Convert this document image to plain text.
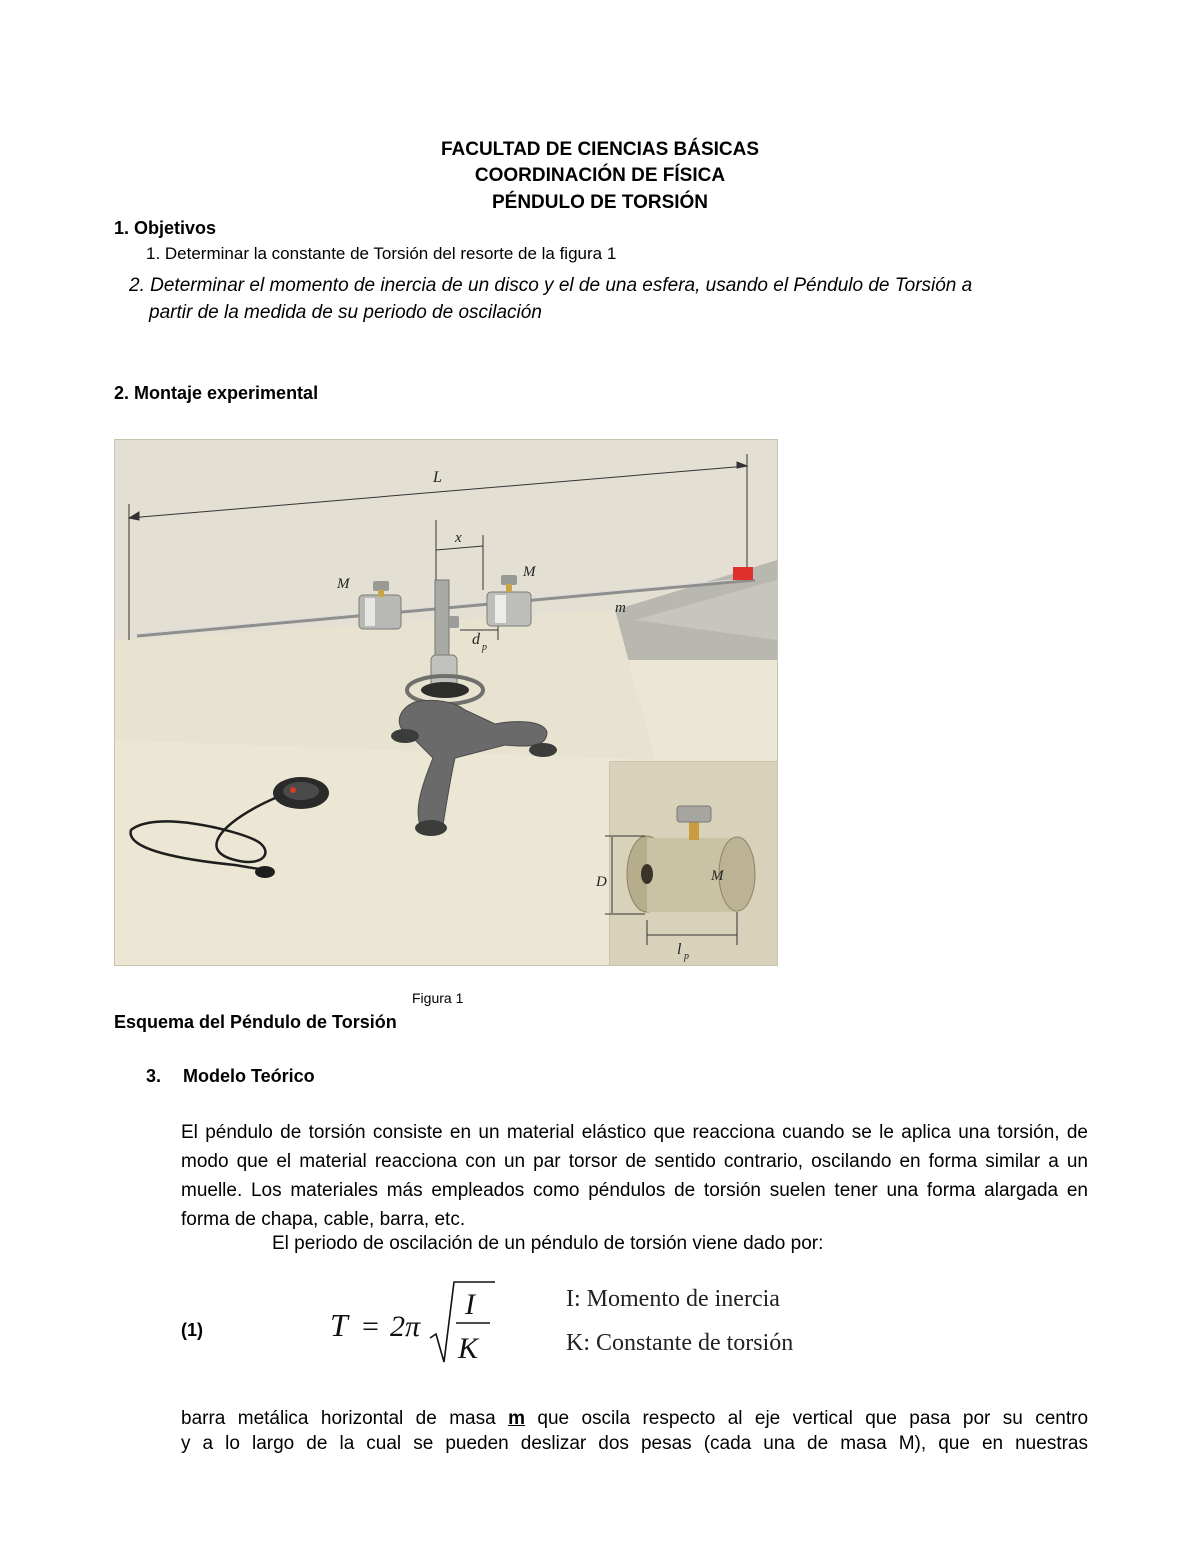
FACULTAD DE CIENCIAS BÁSICAS
COORDINACIÓN DE FÍSICA
PÉNDULO DE TORSIÓN
1. Objetivos
1. Determinar la constante de Torsión del resorte de la figura 1
2. Determinar el momento de inercia de un disco y el de una esfera, usando el Péndulo de Torsión a
partir de la medida de su periodo de oscilación
2. Montaje experimental
L
x
M
M
m
d p
D	M
l p
Figura 1
Esquema del Péndulo de Torsión
3. Modelo Teórico
El péndulo de torsión consiste en un material elástico que reacciona cuando se le aplica una torsión, de modo que el material reacciona con un par torsor de sentido contrario, oscilando en forma similar a un muelle. Los materiales más empleados como péndulos de torsión suelen tener una forma alargada en forma de chapa, cable, barra, etc.
El periodo de oscilación de un péndulo de torsión viene dado por:
(1)	T = 2π
I
K
I: Momento de inercia
K: Constante de torsión
barra metálica horizontal de masa m que oscila respecto al eje vertical que pasa por su centro
y a lo largo de la cual se pueden deslizar dos pesas (cada una de masa M), que en nuestras
